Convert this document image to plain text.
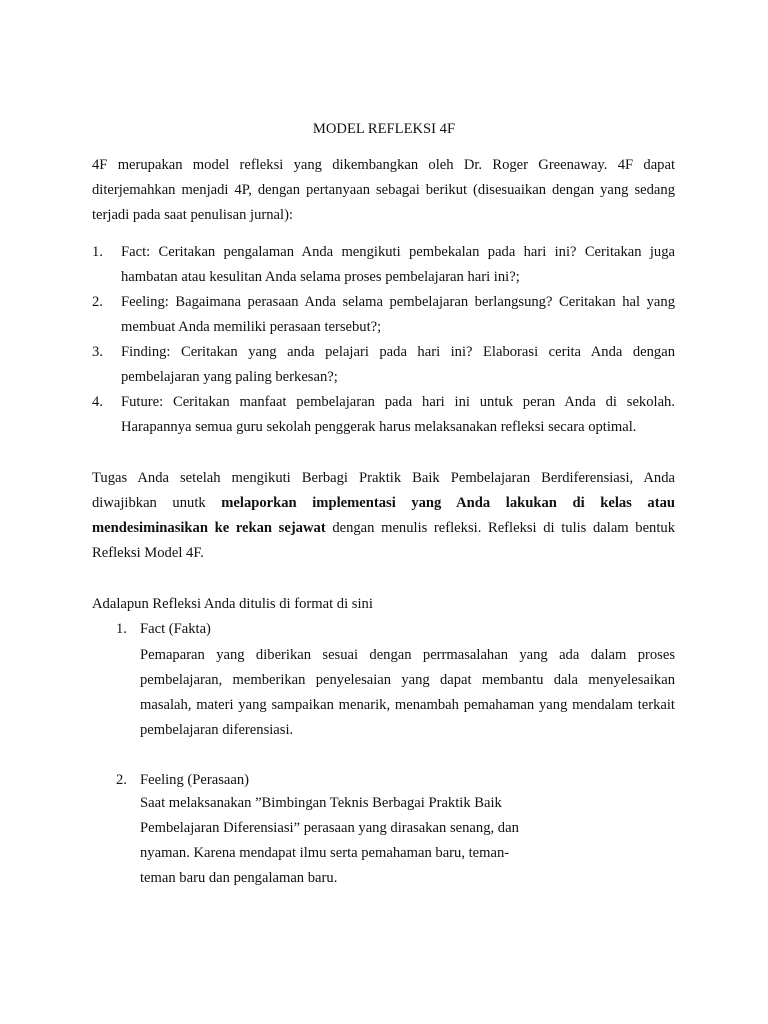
MODEL REFLEKSI 4F

4F merupakan model refleksi yang dikembangkan oleh Dr. Roger Greenaway. 4F dapat diterjemahkan menjadi 4P, dengan pertanyaan sebagai berikut (disesuaikan dengan yang sedang terjadi pada saat penulisan jurnal):

1. Fact: Ceritakan pengalaman Anda mengikuti pembekalan pada hari ini? Ceritakan juga hambatan atau kesulitan Anda selama proses pembelajaran hari ini?;
2. Feeling: Bagaimana perasaan Anda selama pembelajaran berlangsung? Ceritakan hal yang membuat Anda memiliki perasaan tersebut?;
3. Finding: Ceritakan yang anda pelajari pada hari ini? Elaborasi cerita Anda dengan pembelajaran yang paling berkesan?;
4. Future: Ceritakan manfaat pembelajaran pada hari ini untuk peran Anda di sekolah. Harapannya semua guru sekolah penggerak harus melaksanakan refleksi secara optimal.

Tugas Anda setelah mengikuti Berbagi Praktik Baik Pembelajaran Berdiferensiasi, Anda diwajibkan unutk melaporkan implementasi yang Anda lakukan di kelas atau mendesiminasikan ke rekan sejawat dengan menulis refleksi. Refleksi di tulis dalam bentuk Refleksi Model 4F.

Adalapun Refleksi Anda ditulis di format di sini
1. Fact (Fakta)
Pemaparan yang diberikan sesuai dengan perrmasalahan yang ada dalam proses pembelajaran, memberikan penyelesaian yang dapat membantu dala menyelesaikan masalah, materi yang sampaikan menarik, menambah pemahaman yang mendalam terkait pembelajaran diferensiasi.
2. Feeling (Perasaan)
Saat melaksanakan ”Bimbingan Teknis Berbagai Praktik Baik Pembelajaran Diferensiasi” perasaan yang dirasakan senang, dan nyaman. Karena mendapat ilmu serta pemahaman baru, teman-teman baru dan pengalaman baru.
